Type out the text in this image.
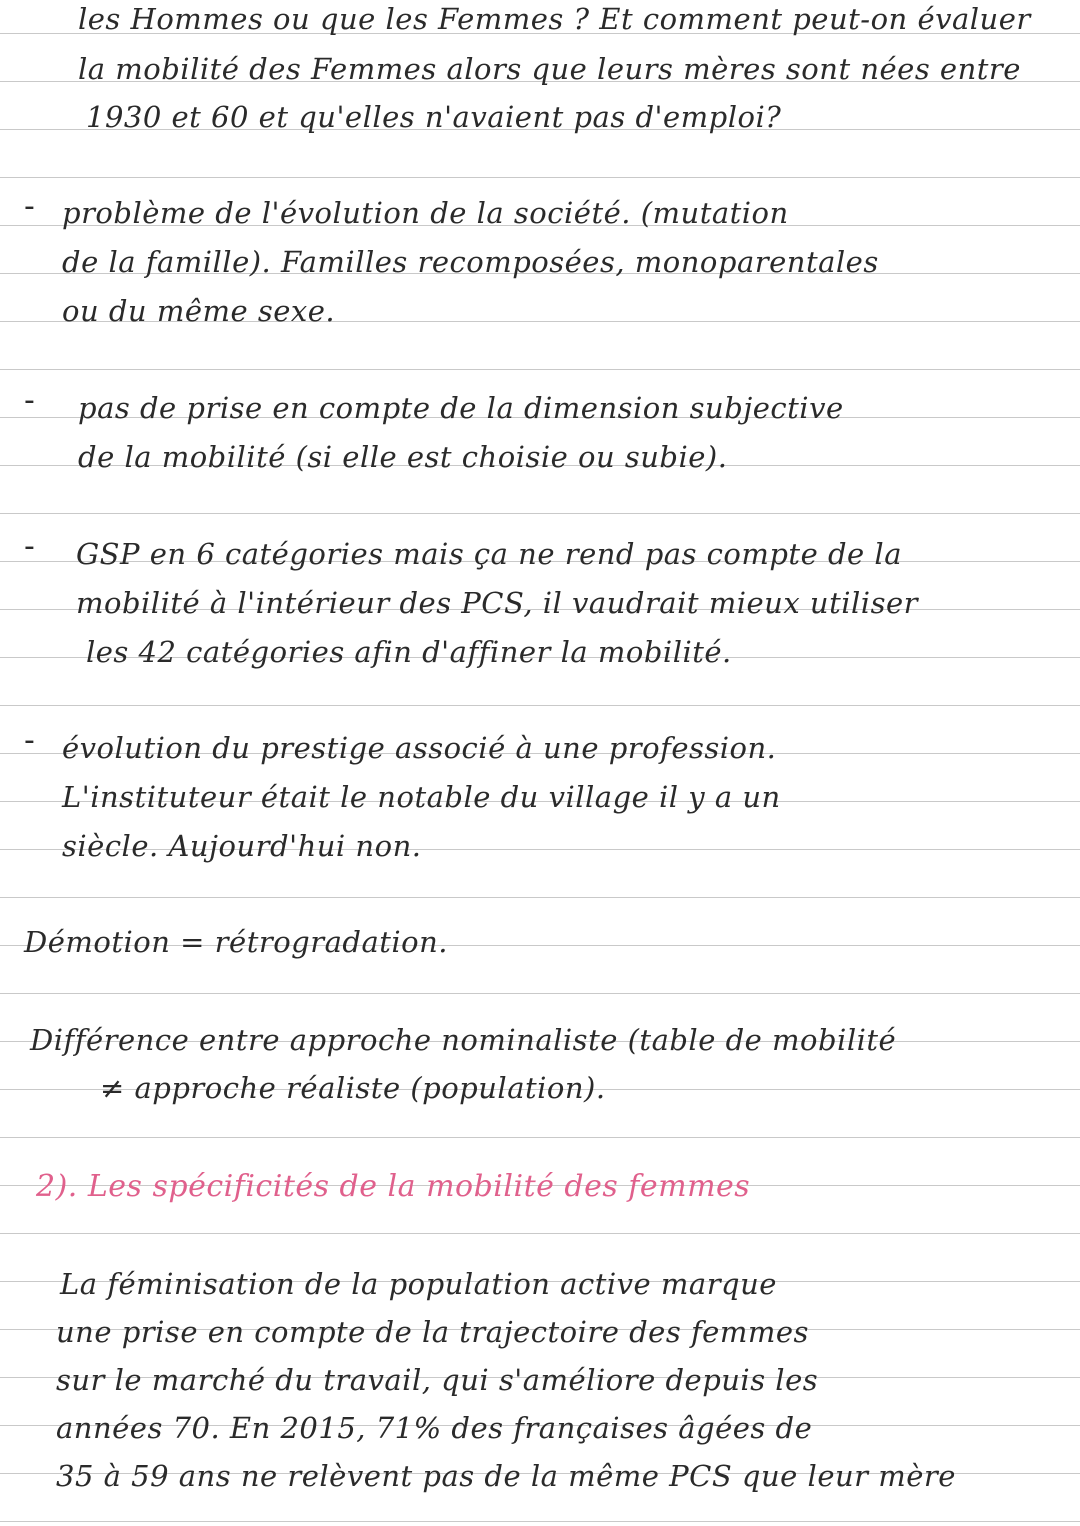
les Hommes ou que les Femmes ? Et comment peut-on évaluer

la mobilité des Femmes alors que leurs mères sont nées entre

1930 et 60 et qu'elles n'avaient pas d'emploi?

- problème de l'évolution de la société. (mutation

de la famille). Familles recomposées, monoparentales

ou du même sexe.

- pas de prise en compte de la dimension subjective

de la mobilité (si elle est choisie ou subie).

- GSP en 6 catégories mais ça ne rend pas compte de la

mobilité à l'intérieur des PCS, il vaudrait mieux utiliser

les 42 catégories afin d'affiner la mobilité.

- évolution du prestige associé à une profession.

L'instituteur était le notable du village il y a un

siècle. Aujourd'hui non.

Démotion = rétrogradation.

Différence entre approche nominaliste (table de mobilité

≠ approche réaliste (population).

2). Les spécificités de la mobilité des femmes

La féminisation de la population active marque

une prise en compte de la trajectoire des femmes

sur le marché du travail, qui s'améliore depuis les

années 70. En 2015, 71% des françaises âgées de

35 à 59 ans ne relèvent pas de la même PCS que leur mère
